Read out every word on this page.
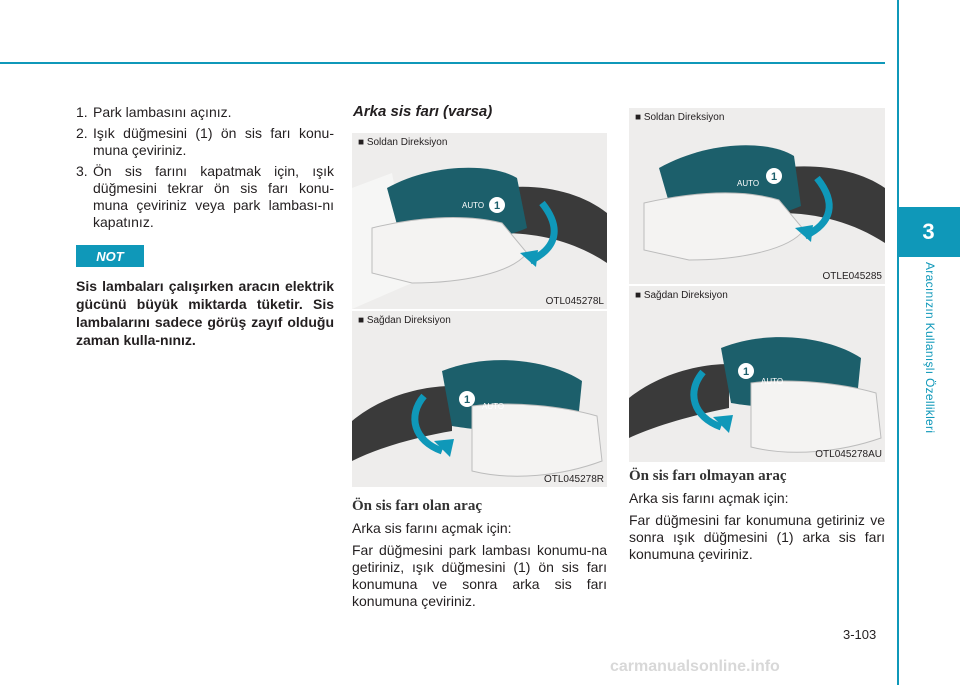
3
Aracınızın Kullanışlı Özellikleri
1. Park lambasını açınız.
2. Işık düğmesini (1) ön sis farı konu-muna çeviriniz.
3. Ön sis farını kapatmak için, ışık düğmesini tekrar ön sis farı konu-muna çeviriniz veya park lambası-nı kapatınız.
NOT

Sis lambaları çalışırken aracın elektrik gücünü büyük miktarda tüketir. Sis lambalarını sadece görüş zayıf olduğu zaman kulla-nınız.

Arka sis farı (varsa)
1
AUTO
■ Soldan Direksiyon
OTL045278L
1
AUTO
■ Sağdan Direksiyon
OTL045278R
Ön sis farı olan araç

Arka sis farını açmak için:

Far düğmesini park lambası konumu-na getiriniz, ışık düğmesini (1) ön sis farı konumuna ve sonra arka sis farı konumuna çeviriniz.

1
AUTO
■ Soldan Direksiyon
OTLE045285
1
AUTO
■ Sağdan Direksiyon
OTL045278AU
Ön sis farı olmayan araç

Arka sis farını açmak için:

Far düğmesini far konumuna getiriniz ve sonra ışık düğmesini (1) arka sis farı konumuna çeviriniz.

3-103
carmanualsonline.info
